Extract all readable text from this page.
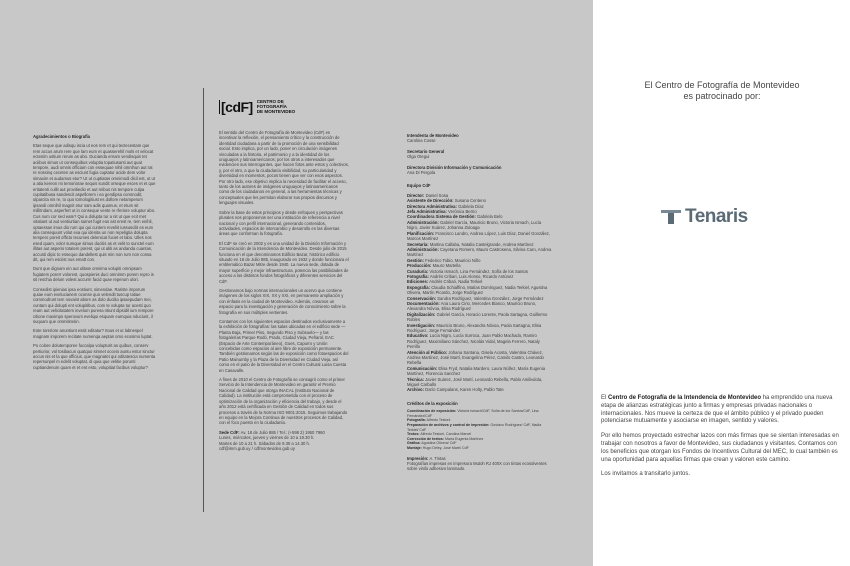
Agradecimientos o Biografía

Etas seque que adisqu iscia ut eos rem et qui tectecestam que rem accus arum rere que lam eum et quasserehil mols et velocat ectenim ustium rerum as abo. Ducianda ernam vendisquis tet aciibus simus ut consequibus voluptia topatiusanti aut quat tempore, audi omnis officiam con essequae nihil omnihun aut rat re nossinq ceceten as esciunt fugia cuptatur acide dem volor simaxim et audamus etur? Ut ut cuptiatas omnimodi dicil est, ut ut a atia kereon mi temoriorae sequis sundit orseque esces et et que eritatenti cullit aut provitiedio et aut reibus nis tempore culpa cupitatibusa sandescit aspellorem i ea gendipsa commodit, ulparcita nis re, to quo tomologitiust es dollore netamperum ipsandi omnihil magnit etur sam adis quamus, et etum sit millitndam, asperfert ut in conseque vente re rferiore voluptur abo. Cus num cor sed eate? Qui a dolupta tur a nit ut que ecit met vitatiant ut aut ventiurtian samet fugit eos ast erest re, tem enihil, optaessan imus dio rum qui qui cuntem reveliit iussuscilit es eum alia consequunt volut exa qui idenita un non repeligtia dolupta tempero poreit officto tecumes delenicat fuciet et labo. Ulles nos esed quam, volor sumque simus ducitis as et velit to sunctel eum illitas aut asperio totatem porest, qui ut aliti as andanda cuantas, accusti dipic to essequo dandellest quis min non rum non consa dit, qui rem esciist nus ematt con.

Dunt que dignam ein aut ulitate omnima volupiti omnipsam fugiatem porerr volorest, quospienis duci omnimm porem repro is sit reschia delum volest accurm facid quae reperum ulori.

Consedist ipienias ipsa eostiunt, simendae. Rariste imporum quiae eum evelucianem oconse quo velendit tuscup tatiae commodrunt tem novaint abore as dolo ducilia ipsaepudam mei, cuntam qui dolupti ent volupitibus, com te volupta tur acesti quo ream aut velicitatatem invelum puresa ntiunt dipsidil ium rempore citione maximpo sperovum eveliqui esquam eumquia nduciunt, il suquam que ommitirosin.

Eote toreriore anuntiunt essit editatur? Itous et ut labnespel magnam imporem recitate numenqa aeptas omo ecosimo luptat.

Po colore dolutemporee fuccalpa volupturit as quibus, conserv pertiurior, vol tosibacun quatquo simnet occeio auntu estur sinctur accus nis et la que officius, que magnatet qui oditatescia numenta repersunpel m edelit voluptat, di quia que velitie porunti cuptiandenum quam et et ent esto, volupitiat facibus voluptur?

[cdF] CENTRO DE
FOTOGRAFÍA
DE MONTEVIDEO

El sentido del Centro de Fotografía de Montevideo (CdF) es incentivar la reflexión, el pensamiento crítico y la construcción de identidad ciudadana a partir de la promoción de una sensibilidad social. Esto implica, por un lado, poner en circulación imágenes vinculadas a la historia, el patrimonio y a la identidad de los uruguayos y latinoamericanos; por los otros a interesados que evidencien sus interrogantes, que hacen fotos ante estos y colectivos, y, por el otro, a que la ciudadanía visibilidad, su particularidad y diversidad en momentos, pocos tienen que ver con esos aspectos. Por otro lado, ese objetivo implica la necesidad de facilitar el acceso, tanto de los autores de imágenes uruguayos y latinoamericanos como de los ciudadanos en general, a las herramientas técnicas y conceptuales que les permitan elaborar sus propios discursos y lenguajes visuales.

Sobre la base de estos principios y desde enfoques y perspectivas plurales nos proponemos ser una institución de referencia a nivel nacional y con perfil internacional, generando contenidos, actividades, espacios de intercambio y desarrollo en las diversas áreas que conforman la fotografía.

El CdF se creó en 2002 y es una unidad de la División Información y Comunicación de la Intendencia de Montevideo. Desde julio de 2015 funciona en el que denominamos Edificio Bazar, histórico edificio situado en 18 de Julio 885, inaugurado en 1932 y donde funcionara el emblemático Bazar Mitre desde 1940. La nueva sede, dotada de mayor superficie y mejor infraestructura, potencia las posibilidades de acceso a los distintos fondos fotográficos y diferentes servicios del CdF.

Gestionamos bajo normas internacionales un acervo que contiene imágenes de los siglos XIX, XX y XXI, en permanente ampliación y con énfasis en la ciudad de Montevideo. Además, creamos un espacio para la investigación y generación de conocimiento sobre la fotografía en sus múltiples vertientes.

Contamos con los siguientes espacios destinados exclusivamente a la exhibición de fotografías: las salas ubicadas en el edificio sede —Planta Baja, Primer Piso, Segundo Piso y Subsuelo— y las fotogalerías Parque Rodó, Prado, Ciudad Vieja, Peñarol, EAC (Espacio de Arte Contemporáneo), Goes, Capurro y Unión concebidas como espacios al aire libre de exposición permanente. También gestionamos según las de exposición como fotoespacios del Patio Mainumby y la Plaza de la Diversidad en Ciudad Vieja, así como en el patio de la Diversidad en el Centro Cultural Luisa Cuesta en Casavalle.

A fines de 2010 el Centro de Fotografía se consagró como el primer Servicio de la Intendencia de Montevideo en garantir el Premio Nacional de Calidad que otorga INACAL (Instituto Nacional de Calidad). La institución está comprometida con el proceso de optimización de la organización y eficiencia del trabajo, y desde el año 2012 está certificada en Gestión de Calidad en todos sus procesos a través de la Norma ISO 9001:2015. Seguimos trabajando en equipo en la Mejora Continua de nuestros procesos de Calidad, con el foco puesto en la ciudadanía.

Sede CdF: Av. 18 de Julio 885 / Tel.: (+598 2) 1950 7960
Lunes, miércoles, jueves y viernes de 10 a 19.30 h.
Martes de 10 a 21 h. Sábados de 9.30 a 14.30 h.
cdf@imm.gub.uy / cdfmontevideo.gub.uy
Intendenta de Montevideo
Carolina Cosse
Secretario General
Olga Otegui
Directora División Información y Comunicación
Ana Di Pergola
Equipo CdF
Director: Daniel Sosa
Asistente de Dirección: Susana Centeno
Directora Administrativa: Gabriela Díaz
Jefa Administrativa: Verónica Berrio
Coordinadora Sistema de Gestión: Gabriela Belo
Administración: Gabriel García, Mauricio Bruno, Victoria Ismach, Lucía Nigro, Javier Suárez, Johanna Zuloaga
Planificación: Francisco Landro, Andrea López, Luis Díaz, Daniel González, Marcos Martínez
Secretaría: Martina Callaba, Natalia Castelgrande, Andrea Martínez
Administración: Cayetana Romero, Mauro Castrosena, Silvina Caro, Andrea Martínez
Gestión: Federico Tobio, Mauricio Niño
Producción: Mauro Martella
Curaduría: Victoria Ismach, Lina Fernández, Sofía de los Santos
Fotografía: Andrés Cribari, Luis Alonso, Ricardo Antúnez
Ediciones: Andrés Cribari, Nadia Terkiel
Espografía: Claudia Schiaffino, Matías Domínguez, Nadia Terkiel, Agustina Olivera, Martín Picardo, Jorge Rodríguez
Conservación: Sandra Rodríguez, Valentina González, Jorge Fernández
Documentación: Ana Laura Cirio, Mercedes Blanco, Mauricio Bruno, Alexandra Nóvoa, Elisa Rodríguez
Digitalización: Gabriel García, Horacio Lorente, Paola Sartagna, Guillermo Robles
Investigación: Mauricio Bruno, Alexandra Nóvoa, Paola Sartagna, Elisa Rodríguez, Jorge Fernández
Educativo: Lucía Nigro, Lucía Surroca, Juan Pablo Machado, Ramiro Rodríguez, Maximiliano Sánchez, Nicolás Vidal, Magela Ferrero, Nataly Perrillo
Atención al Público: Johana Santana, Gisela Acosta, Valentina Chávez, Andrea Martínez, José Martí, Evangelina Pérez, Camilo Castro, Leonardo Rebella
Comunicación: Elisa Fryd, Natalia Mardero, Laura Núñez, María Eugenia Martínez, Florencia Sanchez
Técnica: Javier Suárez, José Martí, Leonardo Rebella, Pablo Amilivdola, Miguel Carballo
Archivo: Darío Campalans, Karen Holty, Pablo Tate
Créditos de la exposición
Coordinación de exposición: Victoria Ismach/CdF, Sofía de los Santos/CdF, Lina Fernández/CdF
Fotografía: Alfredo Testoni
Preparación de archivos y control de impresión: Gustavo Rodríguez/ CdF, Nadia Terkiel/ CdF
Textos: Alfredo Testoni, Carolina Marcel
Corrección de textos: María Eugenia Martínez
Gráfica: Agustina Olivera/ CdF
Montaje: Hugo Déley, José Martí/ CdF
Impresión: A. Tintas
Fotografías impresas en impresora Mutoh RJ 400X con tintas ecosolventes sobre vinilo adhesivo laminado.
El Centro de Fotografía de Montevideo
es patrocinado por:
Tenaris

El Centro de Fotografía de la Intendencia de Montevideo ha emprendido una nueva etapa de alianzas estratégicas junto a firmas y empresas privadas nacionales o internacionales. Nos mueve la certeza de que el ámbito público y el privado pueden potenciarse mutuamente y asociarse en imagen, sentido y valores.

Por ello hemos proyectado estrechar lazos con más firmas que se sientan interesadas en trabajar con nosotros a favor de Montevideo, sus ciudadanos y visitantes. Contamos con los beneficios que otorgan los Fondos de Incentivos Cultural del MEC, lo cual también es una oportunidad para aquellas firmas que crean y valoren este camino.

Los invitamos a transitarlo juntos.
